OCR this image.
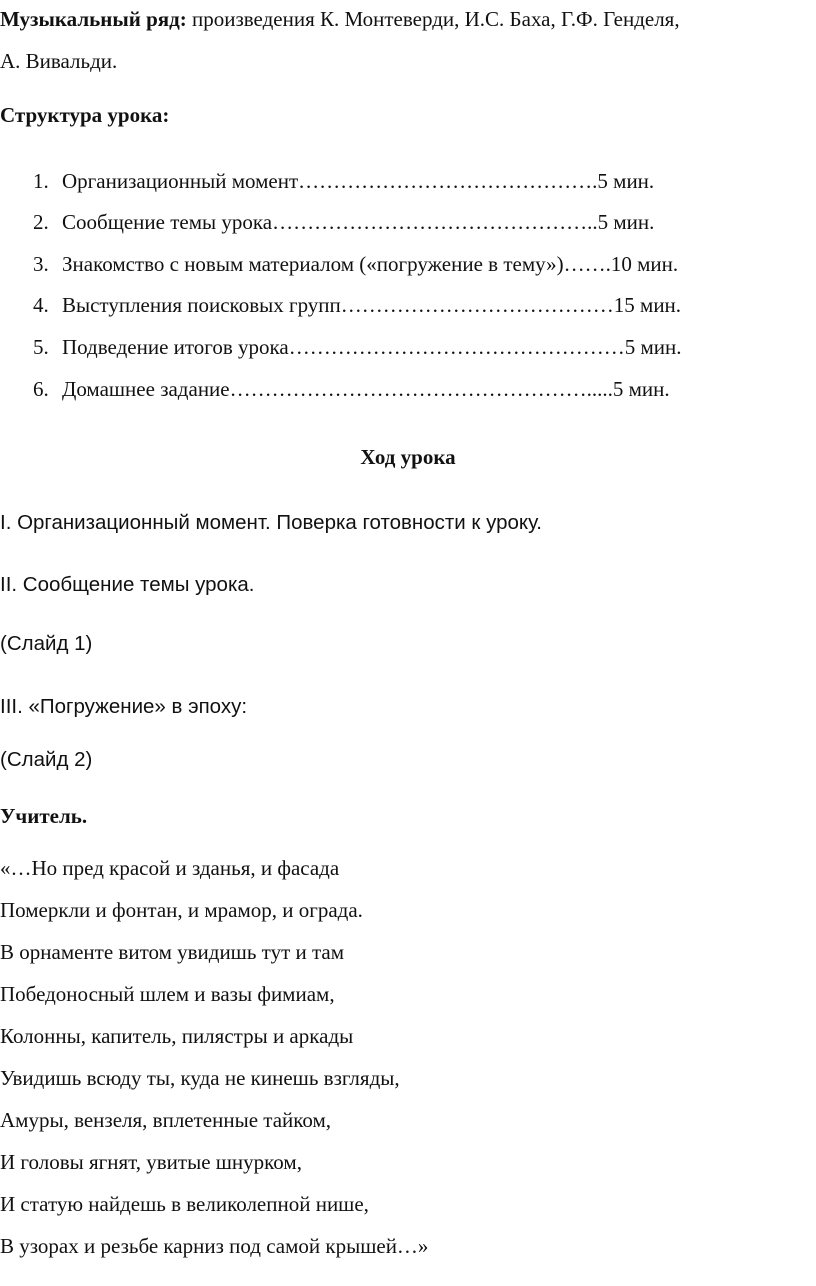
Музыкальный ряд: произведения К. Монтеверди, И.С. Баха, Г.Ф. Генделя,
А. Вивальди.
Структура урока:
1. Организационный момент…………………………………….5 мин.
2. Сообщение темы урока………………………………………..5 мин.
3. Знакомство с новым материалом («погружение в тему»)…….10 мин.
4. Выступления поисковых групп…………………………………15 мин.
5. Подведение итогов урока…………………………………………5 мин.
6. Домашнее задание…………………………………………….....5 мин.
Ход урока
I. Организационный момент. Поверка готовности к уроку.
II. Сообщение темы урока.
(Слайд 1)
III. «Погружение» в эпоху:
(Слайд 2)
Учитель.
«…Но пред красой и зданья, и фасада
Померкли и фонтан, и мрамор, и ограда.
В орнаменте витом увидишь тут и там
Победоносный шлем и вазы фимиам,
Колонны, капитель, пилястры и аркады
Увидишь всюду ты, куда не кинешь взгляды,
Амуры, вензеля, вплетенные тайком,
И головы ягнят, увитые шнурком,
И статую найдешь в великолепной нише,
В узорах и резьбе карниз под самой крышей…»
